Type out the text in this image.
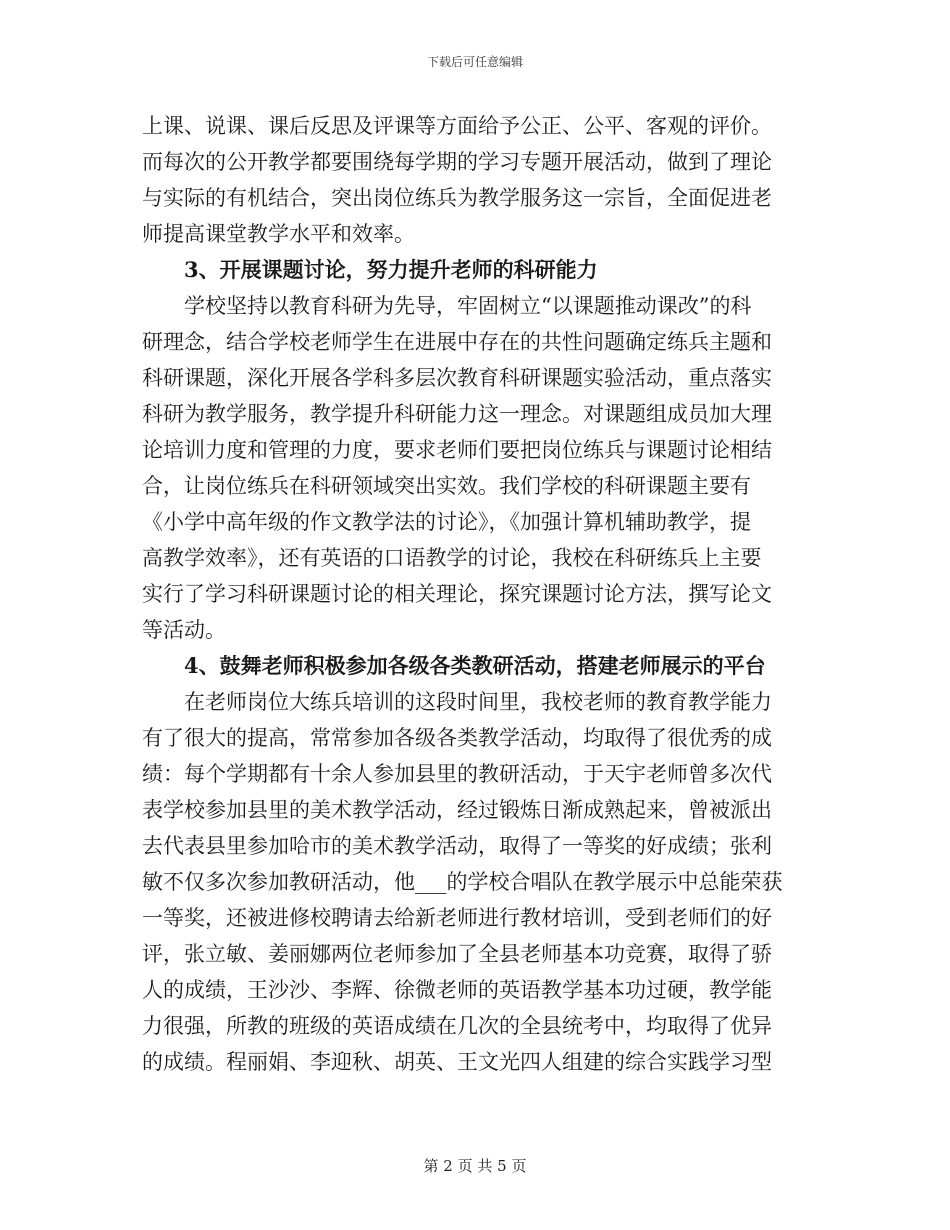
下载后可任意编辑
上课、说课、课后反思及评课等方面给予公正、公平、客观的评价。
而每次的公开教学都要围绕每学期的学习专题开展活动，做到了理论
与实际的有机结合，突出岗位练兵为教学服务这一宗旨，全面促进老
师提高课堂教学水平和效率。
3、开展课题讨论，努力提升老师的科研能力
学校坚持以教育科研为先导，牢固树立“以课题推动课改”的科
研理念，结合学校老师学生在进展中存在的共性问题确定练兵主题和
科研课题，深化开展各学科多层次教育科研课题实验活动，重点落实
科研为教学服务，教学提升科研能力这一理念。对课题组成员加大理
论培训力度和管理的力度，要求老师们要把岗位练兵与课题讨论相结
合，让岗位练兵在科研领域突出实效。我们学校的科研课题主要有
《小学中高年级的作文教学法的讨论》，《加强计算机辅助教学，提
高教学效率》，还有英语的口语教学的讨论，我校在科研练兵上主要
实行了学习科研课题讨论的相关理论，探究课题讨论方法，撰写论文
等活动。
4、鼓舞老师积极参加各级各类教研活动，搭建老师展示的平台
在老师岗位大练兵培训的这段时间里，我校老师的教育教学能力
有了很大的提高，常常参加各级各类教学活动，均取得了很优秀的成
绩：每个学期都有十余人参加县里的教研活动，于天宇老师曾多次代
表学校参加县里的美术教学活动，经过锻炼日渐成熟起来，曾被派出
去代表县里参加哈市的美术教学活动，取得了一等奖的好成绩；张利
敏不仅多次参加教研活动，他___的学校合唱队在教学展示中总能荣获
一等奖，还被进修校聘请去给新老师进行教材培训，受到老师们的好
评，张立敏、姜丽娜两位老师参加了全县老师基本功竞赛，取得了骄
人的成绩，王沙沙、李辉、徐微老师的英语教学基本功过硬，教学能
力很强，所教的班级的英语成绩在几次的全县统考中，均取得了优异
的成绩。程丽娟、李迎秋、胡英、王文光四人组建的综合实践学习型
第 2 页 共 5 页
